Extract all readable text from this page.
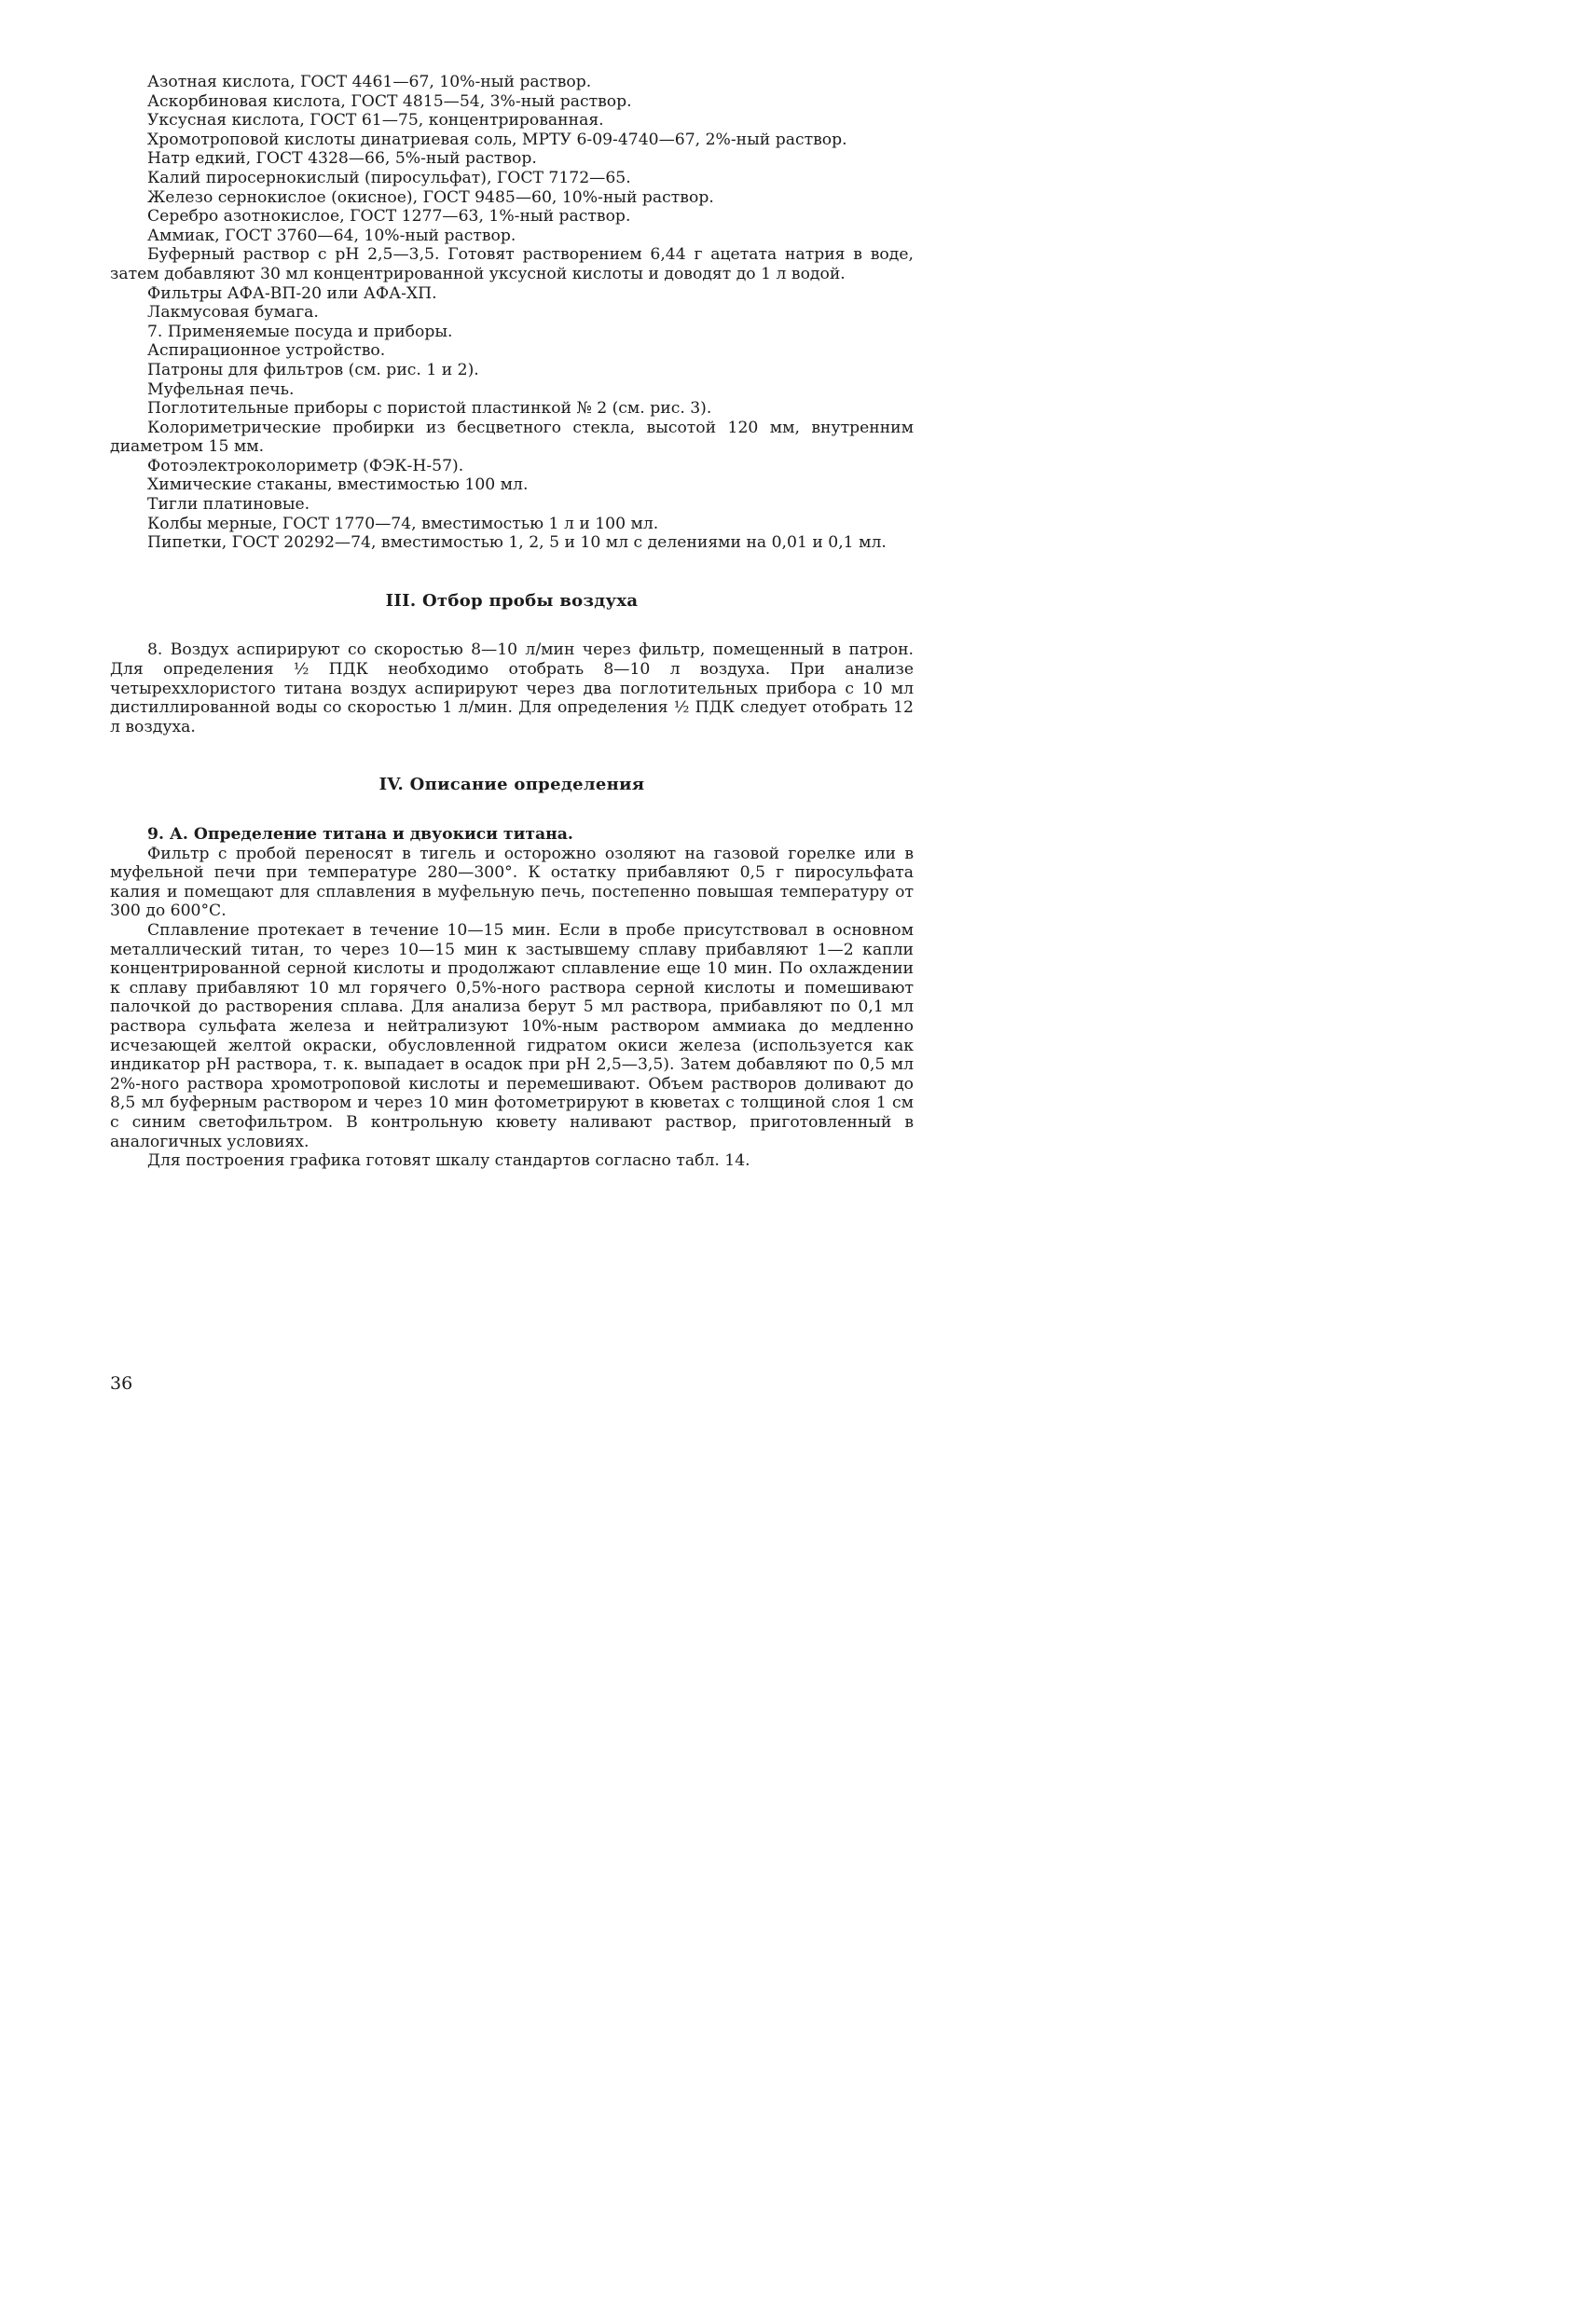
Азотная кислота, ГОСТ 4461—67, 10%-ный раствор.

Аскорбиновая кислота, ГОСТ 4815—54, 3%-ный раствор.

Уксусная кислота, ГОСТ 61—75, концентрированная.

Хромотроповой кислоты динатриевая соль, МРТУ 6-09-4740—67, 2%-ный раствор.

Натр едкий, ГОСТ 4328—66, 5%-ный раствор.

Калий пиросернокислый (пиросульфат), ГОСТ 7172—65.

Железо сернокислое (окисное), ГОСТ 9485—60, 10%-ный раствор.

Серебро азотнокислое, ГОСТ 1277—63, 1%-ный раствор.

Аммиак, ГОСТ 3760—64, 10%-ный раствор.

Буферный раствор с pH 2,5—3,5. Готовят растворением 6,44 г ацетата натрия в воде, затем добавляют 30 мл концентрированной уксусной кислоты и доводят до 1 л водой.

Фильтры АФА-ВП-20 или АФА-ХП.

Лакмусовая бумага.

7. Применяемые посуда и приборы.

Аспирационное устройство.

Патроны для фильтров (см. рис. 1 и 2).

Муфельная печь.

Поглотительные приборы с пористой пластинкой № 2 (см. рис. 3).

Колориметрические пробирки из бесцветного стекла, высотой 120 мм, внутренним диаметром 15 мм.

Фотоэлектроколориметр (ФЭК-Н-57).

Химические стаканы, вместимостью 100 мл.

Тигли платиновые.

Колбы мерные, ГОСТ 1770—74, вместимостью 1 л и 100 мл.

Пипетки, ГОСТ 20292—74, вместимостью 1, 2, 5 и 10 мл с делениями на 0,01 и 0,1 мл.

III. Отбор пробы воздуха

8. Воздух аспирируют со скоростью 8—10 л/мин через фильтр, помещенный в патрон. Для определения ½ ПДК необходимо отобрать 8—10 л воздуха. При анализе четыреххлористого титана воздух аспирируют через два поглотительных прибора с 10 мл дистиллированной воды со скоростью 1 л/мин. Для определения ½ ПДК следует отобрать 12 л воздуха.

IV. Описание определения

9. А. Определение титана и двуокиси титана.

Фильтр с пробой переносят в тигель и осторожно озоляют на газовой горелке или в муфельной печи при температуре 280—300°. К остатку прибавляют 0,5 г пиросульфата калия и помещают для сплавления в муфельную печь, постепенно повышая температуру от 300 до 600°С.

Сплавление протекает в течение 10—15 мин. Если в пробе присутствовал в основном металлический титан, то через 10—15 мин к застывшему сплаву прибавляют 1—2 капли концентрированной серной кислоты и продолжают сплавление еще 10 мин. По охлаждении к сплаву прибавляют 10 мл горячего 0,5%-ного раствора серной кислоты и помешивают палочкой до растворения сплава. Для анализа берут 5 мл раствора, прибавляют по 0,1 мл раствора сульфата железа и нейтрализуют 10%-ным раствором аммиака до медленно исчезающей желтой окраски, обусловленной гидратом окиси железа (используется как индикатор pH раствора, т. к. выпадает в осадок при pH 2,5—3,5). Затем добавляют по 0,5 мл 2%-ного раствора хромотроповой кислоты и перемешивают. Объем растворов доливают до 8,5 мл буферным раствором и через 10 мин фотометрируют в кюветах с толщиной слоя 1 см с синим светофильтром. В контрольную кювету наливают раствор, приготовленный в аналогичных условиях.

Для построения графика готовят шкалу стандартов согласно табл. 14.

36
